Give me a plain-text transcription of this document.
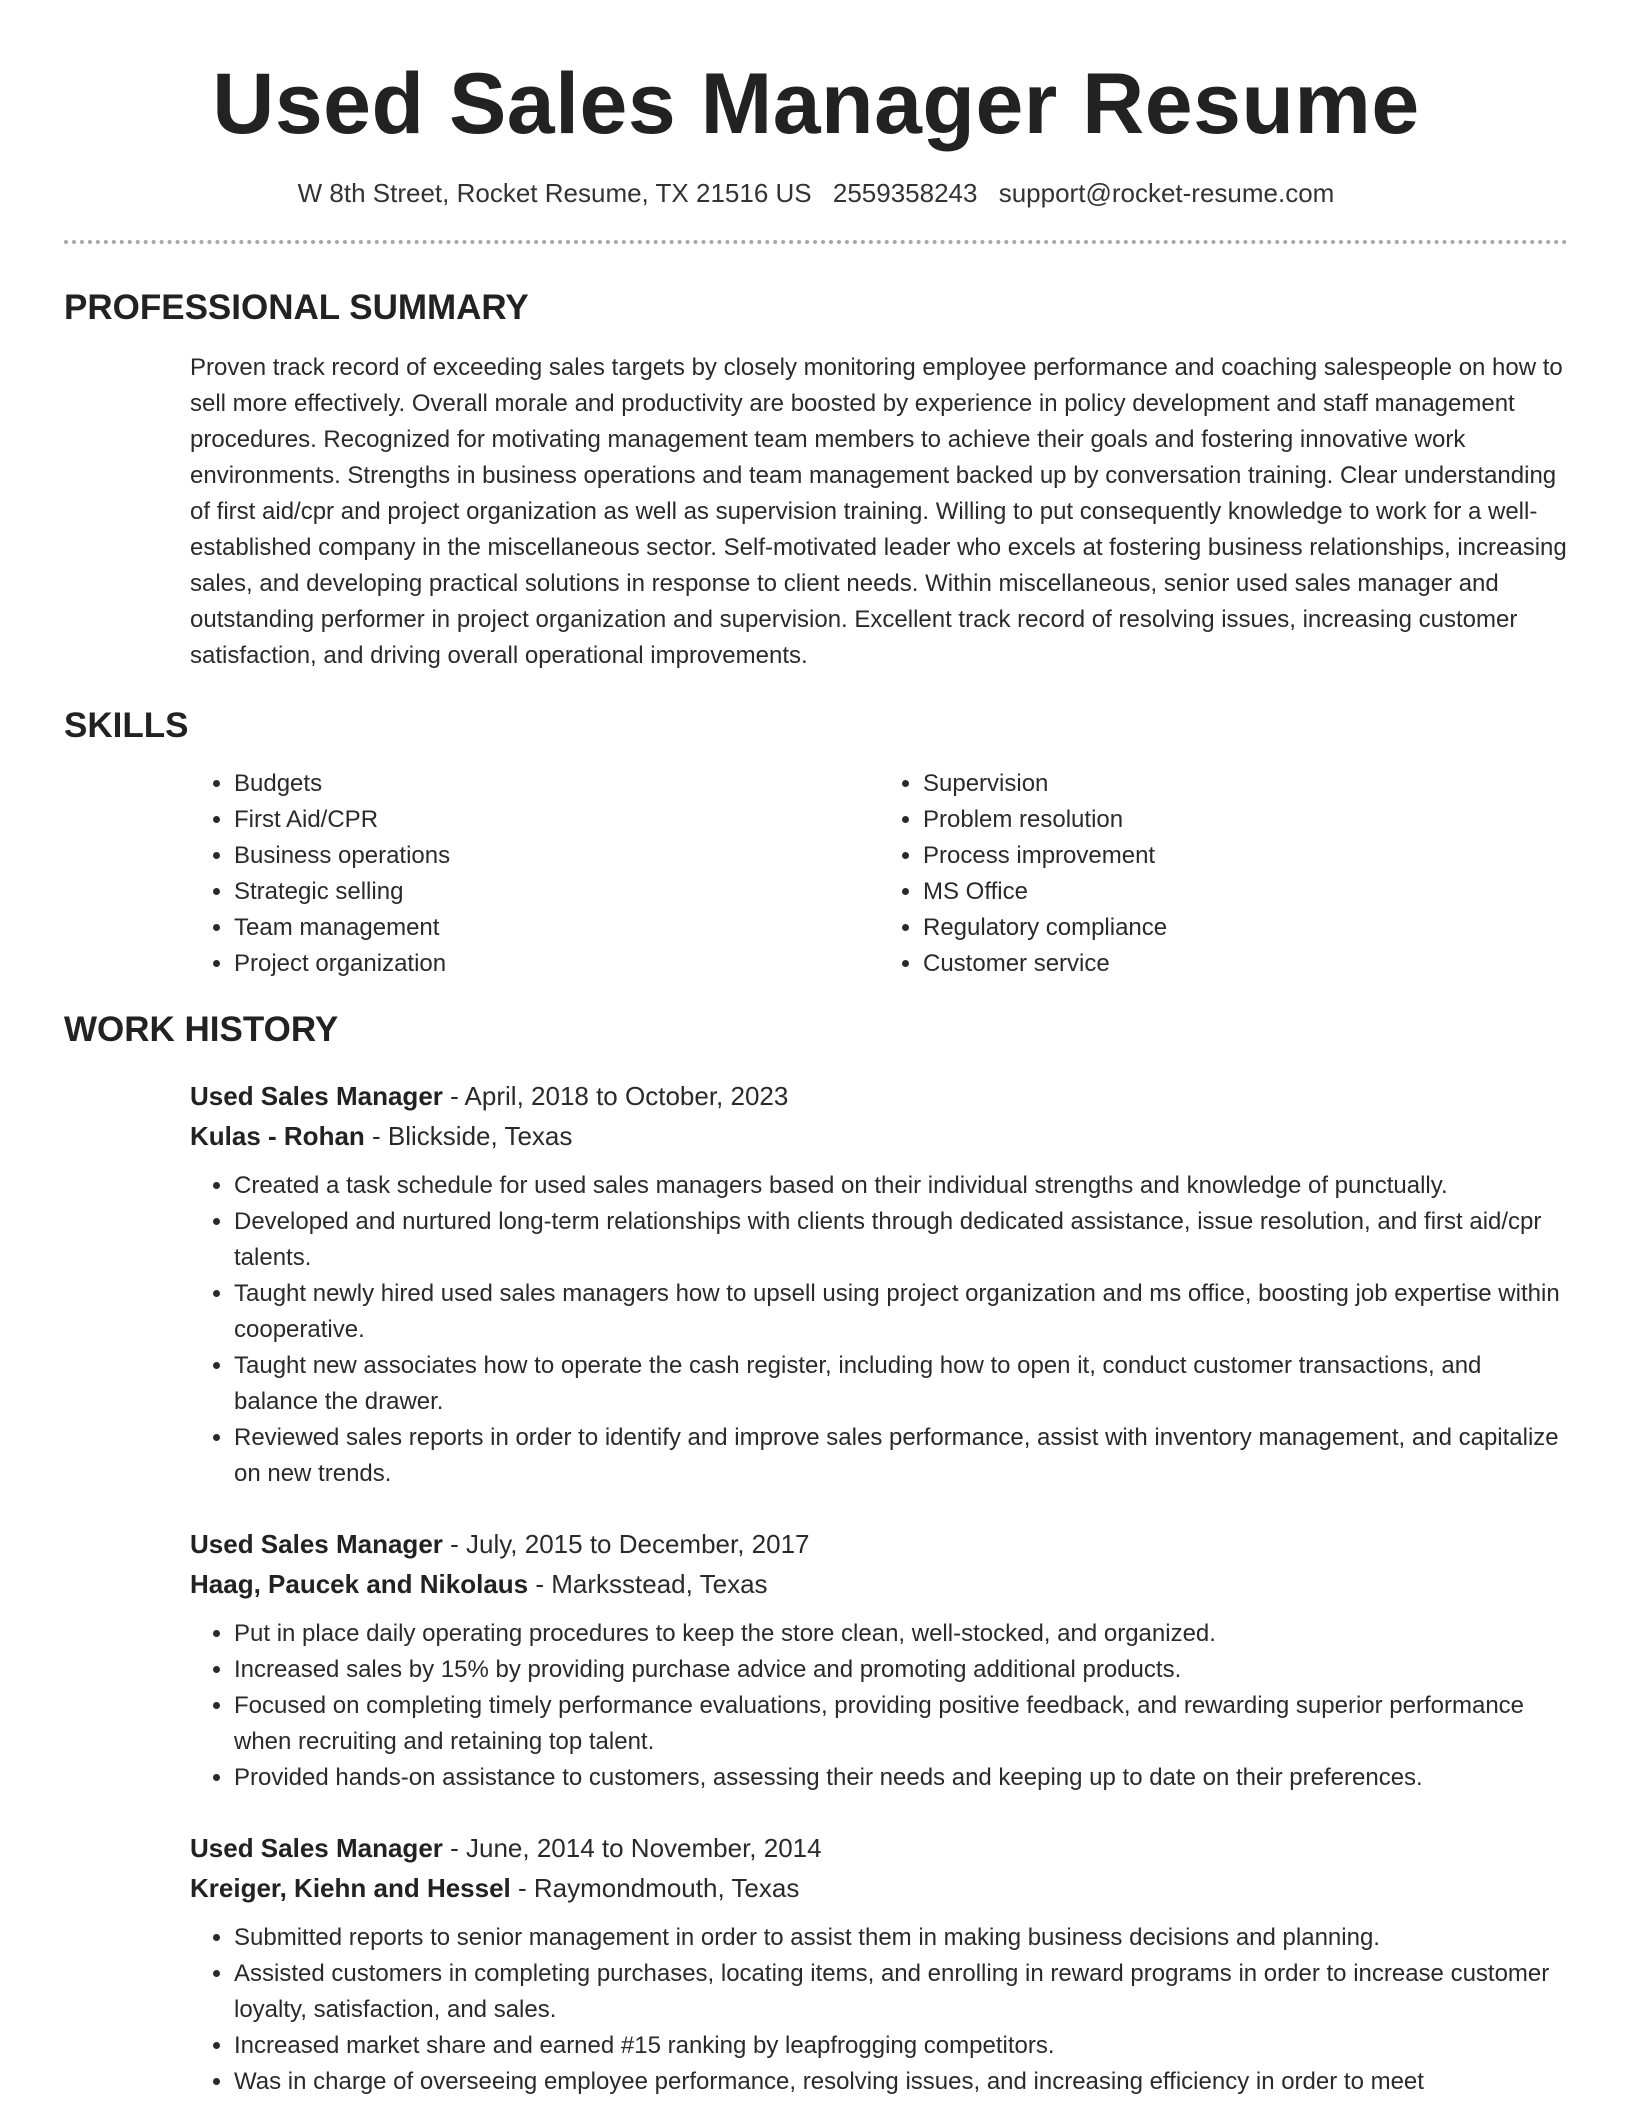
Used Sales Manager Resume
W 8th Street, Rocket Resume, TX 21516 US 2559358243 support@rocket-resume.com
PROFESSIONAL SUMMARY

Proven track record of exceeding sales targets by closely monitoring employee performance and coaching salespeople on how to sell more effectively. Overall morale and productivity are boosted by experience in policy development and staff management procedures. Recognized for motivating management team members to achieve their goals and fostering innovative work environments. Strengths in business operations and team management backed up by conversation training. Clear understanding of first aid/cpr and project organization as well as supervision training. Willing to put consequently knowledge to work for a well-established company in the miscellaneous sector. Self-motivated leader who excels at fostering business relationships, increasing sales, and developing practical solutions in response to client needs. Within miscellaneous, senior used sales manager and outstanding performer in project organization and supervision. Excellent track record of resolving issues, increasing customer satisfaction, and driving overall operational improvements.

SKILLS
• Budgets
• First Aid/CPR
• Business operations
• Strategic selling
• Team management
• Project organization
• Supervision
• Problem resolution
• Process improvement
• MS Office
• Regulatory compliance
• Customer service
WORK HISTORY
Used Sales Manager - April, 2018 to October, 2023
Kulas - Rohan - Blickside, Texas
• Created a task schedule for used sales managers based on their individual strengths and knowledge of punctually.
• Developed and nurtured long-term relationships with clients through dedicated assistance, issue resolution, and first aid/cpr talents.
• Taught newly hired used sales managers how to upsell using project organization and ms office, boosting job expertise within cooperative.
• Taught new associates how to operate the cash register, including how to open it, conduct customer transactions, and balance the drawer.
• Reviewed sales reports in order to identify and improve sales performance, assist with inventory management, and capitalize on new trends.
Used Sales Manager - July, 2015 to December, 2017
Haag, Paucek and Nikolaus - Marksstead, Texas
• Put in place daily operating procedures to keep the store clean, well-stocked, and organized.
• Increased sales by 15% by providing purchase advice and promoting additional products.
• Focused on completing timely performance evaluations, providing positive feedback, and rewarding superior performance when recruiting and retaining top talent.
• Provided hands-on assistance to customers, assessing their needs and keeping up to date on their preferences.
Used Sales Manager - June, 2014 to November, 2014
Kreiger, Kiehn and Hessel - Raymondmouth, Texas
• Submitted reports to senior management in order to assist them in making business decisions and planning.
• Assisted customers in completing purchases, locating items, and enrolling in reward programs in order to increase customer loyalty, satisfaction, and sales.
• Increased market share and earned #15 ranking by leapfrogging competitors.
• Was in charge of overseeing employee performance, resolving issues, and increasing efficiency in order to meet
